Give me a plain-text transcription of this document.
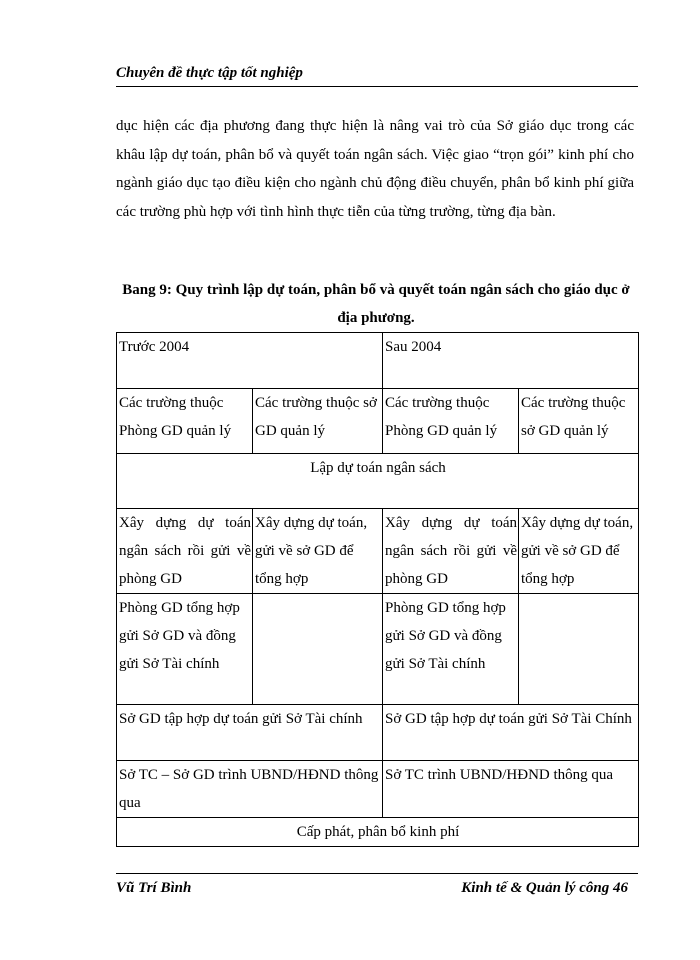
Chuyên đề thực tập tốt nghiệp

dục hiện các địa phương đang thực hiện là nâng vai trò của Sở giáo dục trong các khâu lập dự toán, phân bổ và quyết toán ngân sách. Việc giao “trọn gói” kinh phí cho ngành giáo dục tạo điều kiện cho ngành chủ động điều chuyển, phân bổ kinh phí giữa các trường phù hợp với tình hình thực tiễn của từng trường, từng địa bàn.

Bang 9: Quy trình lập dự toán, phân bổ và quyết toán ngân sách cho giáo dục ở địa phương.

Trước 2004		Sau 2004	
Các trường thuộc Phòng GD quản lý	Các trường thuộc sở GD quản lý	Các trường thuộc Phòng GD quản lý	Các trường thuộc sở GD quản lý
Lập dự toán ngân sách			
Xây dựng dự toán ngân sách rồi gửi về phòng GD	Xây dựng dự toán, gửi về sở GD để tổng hợp	Xây dựng dự toán ngân sách rồi gửi về phòng GD	Xây dựng dự toán, gửi về sở GD để tổng hợp
Phòng GD tổng hợp gửi Sở GD và đồng gửi Sở Tài chính		Phòng GD tổng hợp gửi Sở GD và đồng gửi Sở Tài chính	
Sở GD tập hợp dự toán gửi Sở Tài chính		Sở GD tập hợp dự toán gửi Sở Tài Chính	
Sở TC – Sở GD trình UBND/HĐND thông qua		Sở TC trình UBND/HĐND thông qua	
Cấp phát, phân bổ kinh phí			
Vũ Trí Bình	Kinh tế & Quản lý công 46
